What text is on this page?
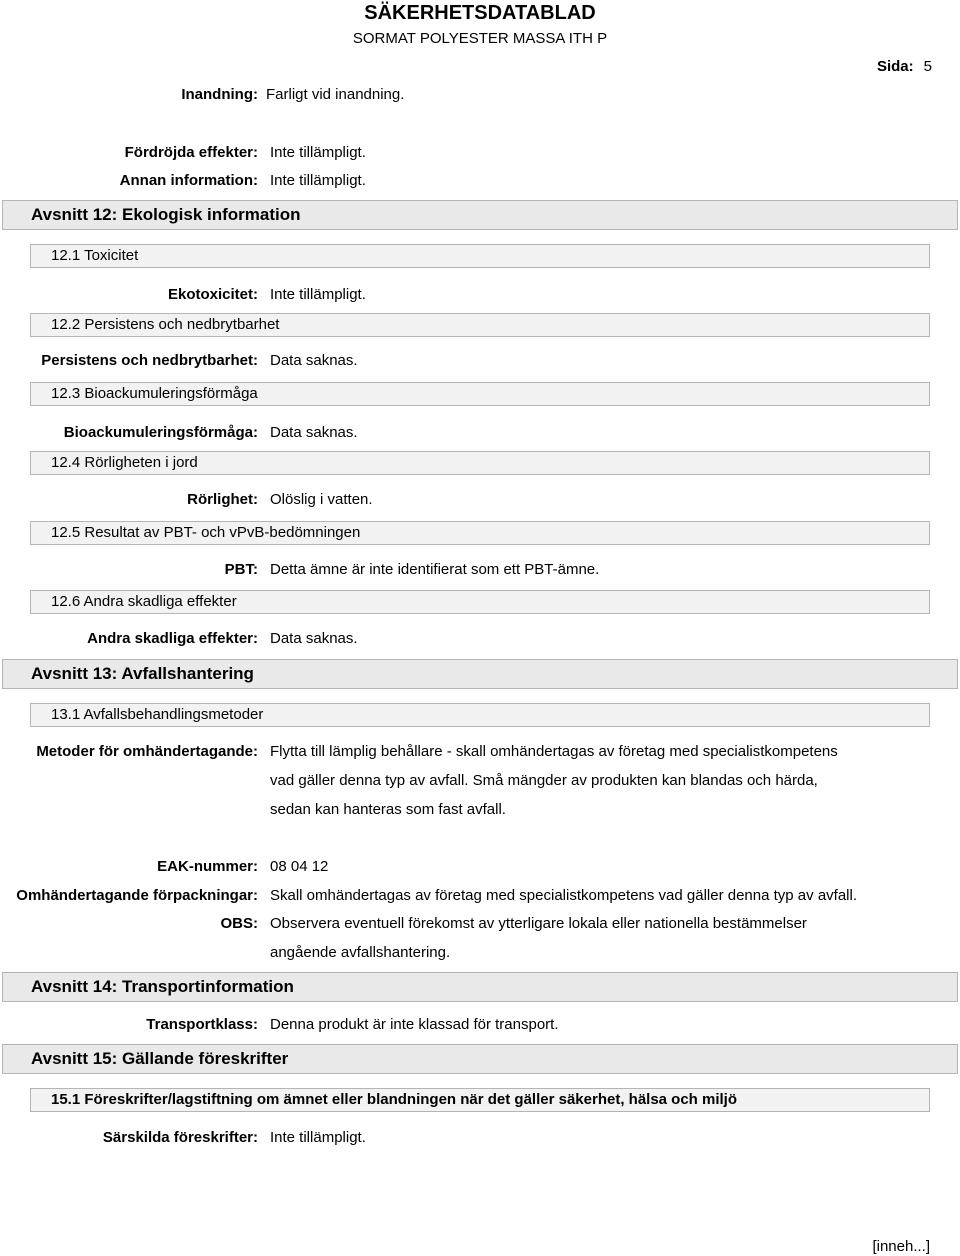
SÄKERHETSDATABLAD
SORMAT POLYESTER MASSA ITH P
Sida: 5
Inandning: Farligt vid inandning.
Fördröjda effekter: Inte tillämpligt.
Annan information: Inte tillämpligt.
Avsnitt 12: Ekologisk information
12.1 Toxicitet
Ekotoxicitet: Inte tillämpligt.
12.2 Persistens och nedbrytbarhet
Persistens och nedbrytbarhet: Data saknas.
12.3 Bioackumuleringsförmåga
Bioackumuleringsförmåga: Data saknas.
12.4 Rörligheten i jord
Rörlighet: Olöslig i vatten.
12.5 Resultat av PBT- och vPvB-bedömningen
PBT: Detta ämne är inte identifierat som ett PBT-ämne.
12.6 Andra skadliga effekter
Andra skadliga effekter: Data saknas.
Avsnitt 13: Avfallshantering
13.1 Avfallsbehandlingsmetoder
Metoder för omhändertagande: Flytta till lämplig behållare - skall omhändertagas av företag med specialistkompetens
vad gäller denna typ av avfall. Små mängder av produkten kan blandas och härda,
sedan kan hanteras som fast avfall.
EAK-nummer: 08 04 12
Omhändertagande förpackningar: Skall omhändertagas av företag med specialistkompetens vad gäller denna typ av avfall.
OBS: Observera eventuell förekomst av ytterligare lokala eller nationella bestämmelser
angående avfallshantering.
Avsnitt 14: Transportinformation
Transportklass: Denna produkt är inte klassad för transport.
Avsnitt 15: Gällande föreskrifter
15.1 Föreskrifter/lagstiftning om ämnet eller blandningen när det gäller säkerhet, hälsa och miljö
Särskilda föreskrifter: Inte tillämpligt.
[inneh...]
